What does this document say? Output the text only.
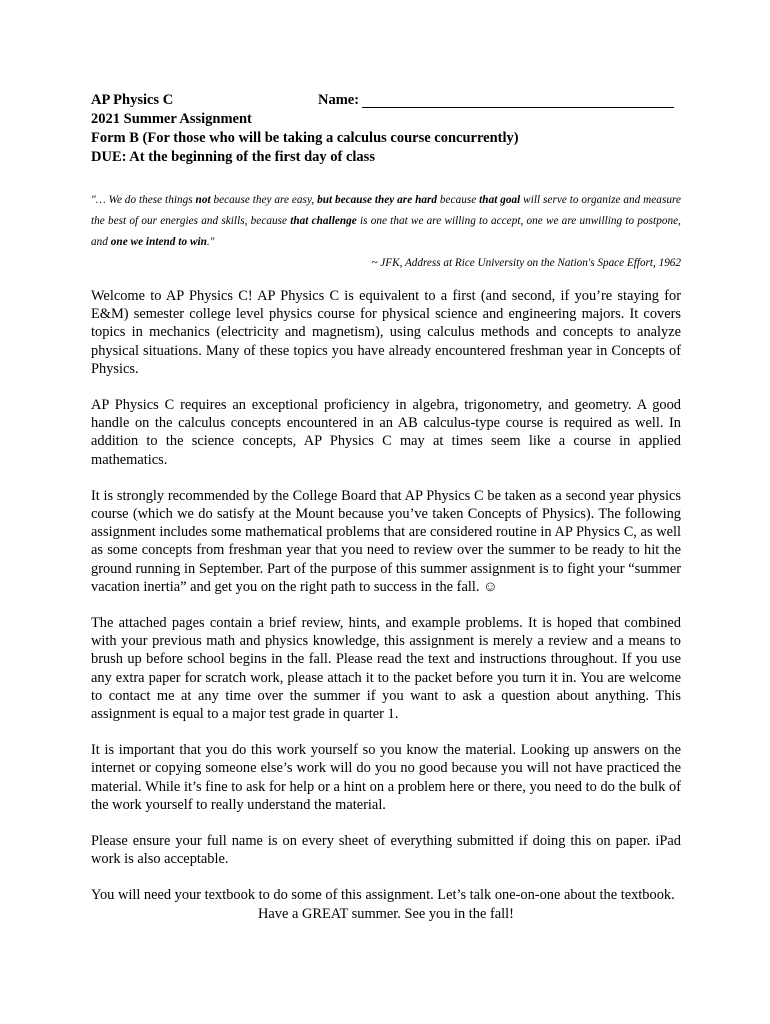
AP Physics C	Name:
2021 Summer Assignment
Form B (For those who will be taking a calculus course concurrently)
DUE: At the beginning of the first day of class
"… We do these things not because they are easy, but because they are hard because that goal will serve to organize and measure the best of our energies and skills, because that challenge is one that we are willing to accept, one we are unwilling to postpone, and one we intend to win."
~ JFK, Address at Rice University on the Nation's Space Effort, 1962

Welcome to AP Physics C! AP Physics C is equivalent to a first (and second, if you’re staying for E&M) semester college level physics course for physical science and engineering majors. It covers topics in mechanics (electricity and magnetism), using calculus methods and concepts to analyze physical situations. Many of these topics you have already encountered freshman year in Concepts of Physics.

AP Physics C requires an exceptional proficiency in algebra, trigonometry, and geometry. A good handle on the calculus concepts encountered in an AB calculus-type course is required as well. In addition to the science concepts, AP Physics C may at times seem like a course in applied mathematics.

It is strongly recommended by the College Board that AP Physics C be taken as a second year physics course (which we do satisfy at the Mount because you’ve taken Concepts of Physics). The following assignment includes some mathematical problems that are considered routine in AP Physics C, as well as some concepts from freshman year that you need to review over the summer to be ready to hit the ground running in September. Part of the purpose of this summer assignment is to fight your “summer vacation inertia” and get you on the right path to success in the fall. ☺

The attached pages contain a brief review, hints, and example problems. It is hoped that combined with your previous math and physics knowledge, this assignment is merely a review and a means to brush up before school begins in the fall. Please read the text and instructions throughout. If you use any extra paper for scratch work, please attach it to the packet before you turn it in. You are welcome to contact me at any time over the summer if you want to ask a question about anything. This assignment is equal to a major test grade in quarter 1.

It is important that you do this work yourself so you know the material. Looking up answers on the internet or copying someone else’s work will do you no good because you will not have practiced the material. While it’s fine to ask for help or a hint on a problem here or there, you need to do the bulk of the work yourself to really understand the material.

Please ensure your full name is on every sheet of everything submitted if doing this on paper. iPad work is also acceptable.

You will need your textbook to do some of this assignment. Let’s talk one-on-one about the textbook.

Have a GREAT summer. See you in the fall!
